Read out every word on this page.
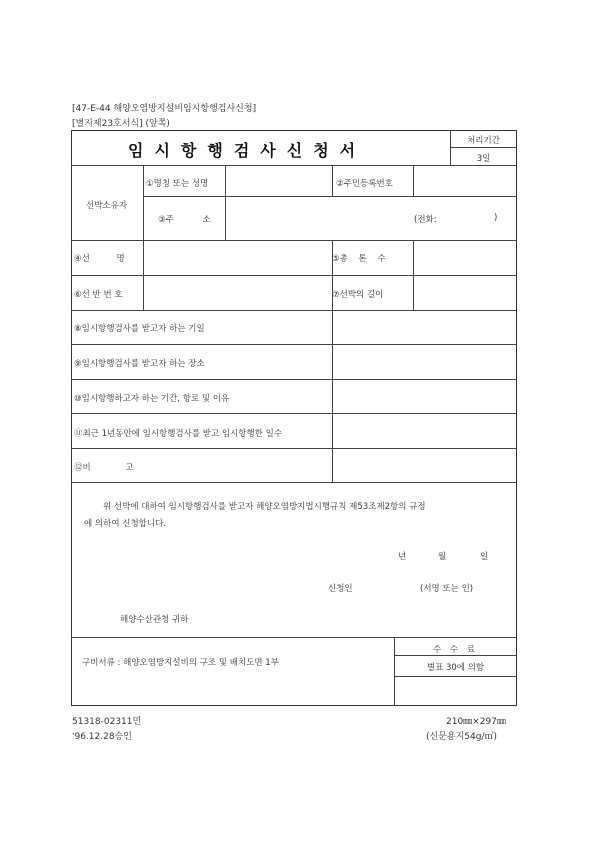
[47-E-44 해양오염방지설비임시항행검사신청]
[별지제23호서식] (앞쪽)
임시항행검사신청서	처리기간
3일
선박소유자
①명칭 또는 성명	②주민등록번호
③주 소	(전화:	)
④선 명	⑤총 톤 수
⑥선 반 번 호	⑦선박의 길이
⑧임시항행검사를 받고자 하는 기일
⑨임시항행검사를 받고자 하는 장소
⑩임시항행하고자 하는 기간, 항로 및 이유
⑪최근 1년동안에 임시항행검사를 받고 임시항행한 일수
⑫비 고
위 선박에 대하여 임시항행검사를 받고자 해양오염방지법시행규칙 제53조제2항의 규정
에 의하여 신청합니다.
년	월	일
신청인	(서명 또는 인)
해양수산관청 귀하
구비서류 : 해양오염방지설비의 구조 및 배치도면 1부
수 수 료
별표 30에 의함
51318-02311민
'96.12.28승인
210㎜×297㎜
(신문용지54g/㎡)
